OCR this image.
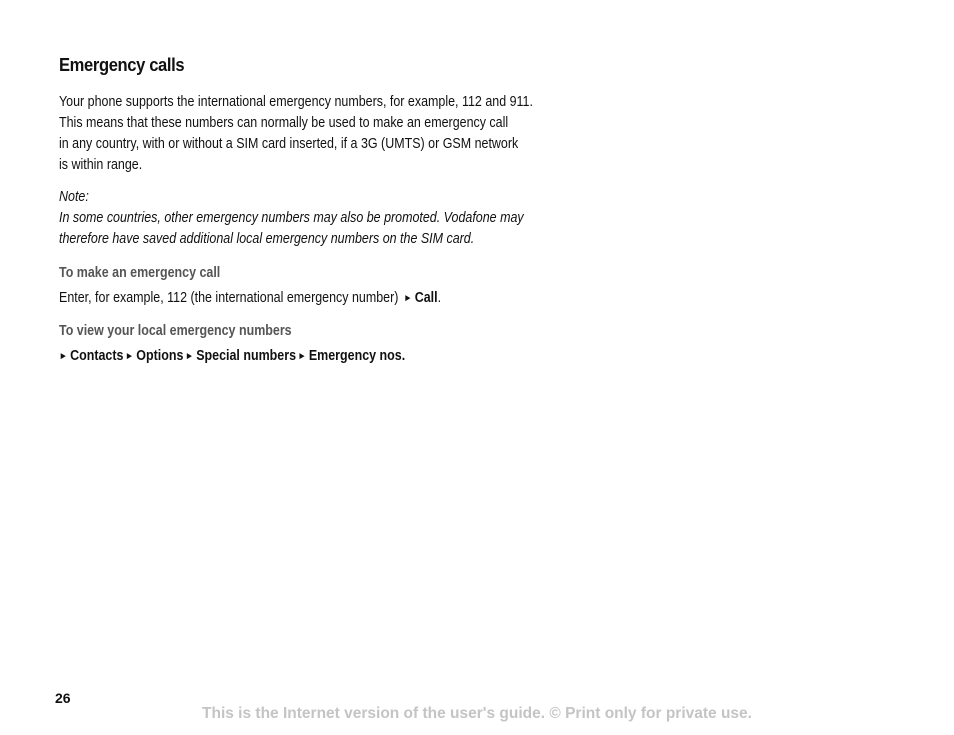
Emergency calls
Your phone supports the international emergency numbers, for example, 112 and 911.
This means that these numbers can normally be used to make an emergency call
in any country, with or without a SIM card inserted, if a 3G (UMTS) or GSM network
is within range.
Note:
In some countries, other emergency numbers may also be promoted. Vodafone may
therefore have saved additional local emergency numbers on the SIM card.
To make an emergency call
Enter, for example, 112 (the international emergency number) ► Call.
To view your local emergency numbers
► Contacts ► Options ► Special numbers ► Emergency nos.
26
This is the Internet version of the user's guide. © Print only for private use.
